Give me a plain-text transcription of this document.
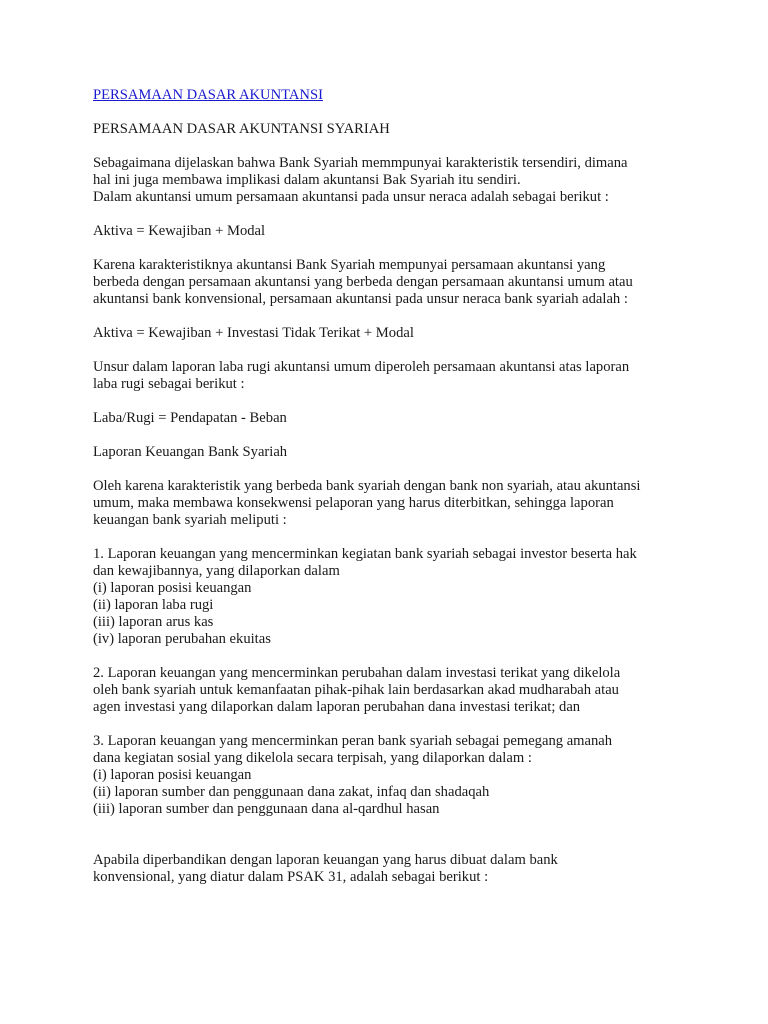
PERSAMAAN DASAR AKUNTANSI
PERSAMAAN DASAR AKUNTANSI SYARIAH
Sebagaimana dijelaskan bahwa Bank Syariah memmpunyai karakteristik tersendiri, dimana
hal ini juga membawa implikasi dalam akuntansi Bak Syariah itu sendiri.
Dalam akuntansi umum persamaan akuntansi pada unsur neraca adalah sebagai berikut :
Aktiva = Kewajiban + Modal
Karena karakteristiknya akuntansi Bank Syariah mempunyai persamaan akuntansi yang
berbeda dengan persamaan akuntansi yang berbeda dengan persamaan akuntansi umum atau
akuntansi bank konvensional, persamaan akuntansi pada unsur neraca bank syariah adalah :
Aktiva = Kewajiban + Investasi Tidak Terikat + Modal
Unsur dalam laporan laba rugi akuntansi umum diperoleh persamaan akuntansi atas laporan
laba rugi sebagai berikut :
Laba/Rugi = Pendapatan - Beban
Laporan Keuangan Bank Syariah
Oleh karena karakteristik yang berbeda bank syariah dengan bank non syariah, atau akuntansi
umum, maka membawa konsekwensi pelaporan yang harus diterbitkan, sehingga laporan
keuangan bank syariah meliputi :
1. Laporan keuangan yang mencerminkan kegiatan bank syariah sebagai investor beserta hak
dan kewajibannya, yang dilaporkan dalam
(i) laporan posisi keuangan
(ii) laporan laba rugi
(iii) laporan arus kas
(iv) laporan perubahan ekuitas
2. Laporan keuangan yang mencerminkan perubahan dalam investasi terikat yang dikelola
oleh bank syariah untuk kemanfaatan pihak-pihak lain berdasarkan akad mudharabah atau
agen investasi yang dilaporkan dalam laporan perubahan dana investasi terikat; dan
3. Laporan keuangan yang mencerminkan peran bank syariah sebagai pemegang amanah
dana kegiatan sosial yang dikelola secara terpisah, yang dilaporkan dalam :
(i) laporan posisi keuangan
(ii) laporan sumber dan penggunaan dana zakat, infaq dan shadaqah
(iii) laporan sumber dan penggunaan dana al-qardhul hasan
Apabila diperbandikan dengan laporan keuangan yang harus dibuat dalam bank
konvensional, yang diatur dalam PSAK 31, adalah sebagai berikut :
